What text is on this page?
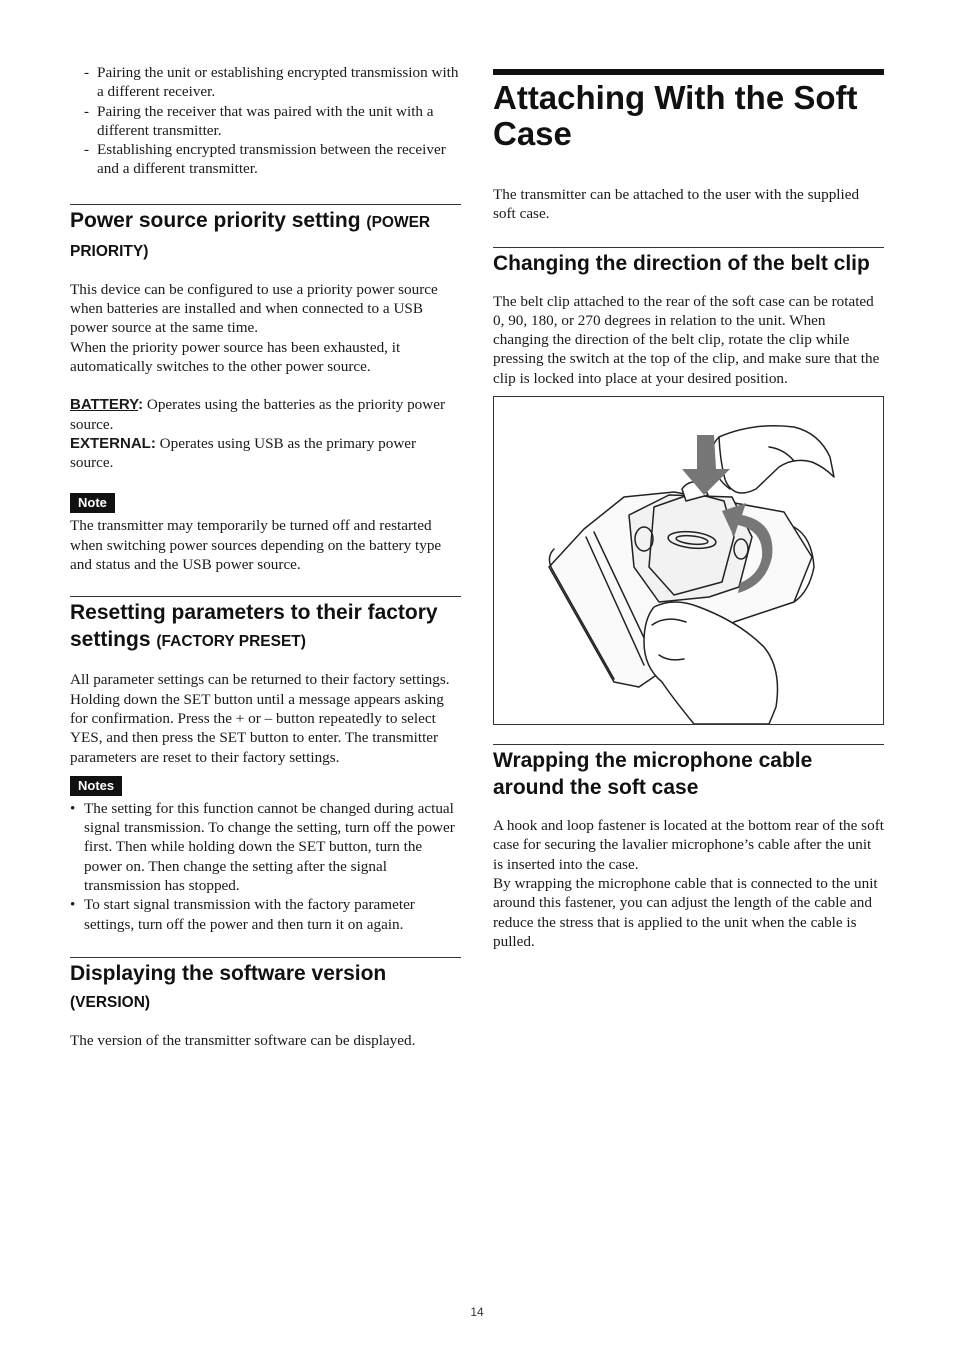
- Pairing the unit or establishing encrypted transmission with a different receiver.
- Pairing the receiver that was paired with the unit with a different transmitter.
- Establishing encrypted transmission between the receiver and a different transmitter.
Power source priority setting (POWER PRIORITY)

This device can be configured to use a priority power source when batteries are installed and when connected to a USB power source at the same time.

When the priority power source has been exhausted, it automatically switches to the other power source.

BATTERY: Operates using the batteries as the priority power source.

EXTERNAL: Operates using USB as the primary power source.

Note

The transmitter may temporarily be turned off and restarted when switching power sources depending on the battery type and status and the USB power source.

Resetting parameters to their factory settings (FACTORY PRESET)

All parameter settings can be returned to their factory settings.

Holding down the SET button until a message appears asking for confirmation. Press the + or – button repeatedly to select YES, and then press the SET button to enter. The transmitter parameters are reset to their factory settings.

Notes
• The setting for this function cannot be changed during actual signal transmission. To change the setting, turn off the power first. Then while holding down the SET button, turn the power on. Then change the setting after the signal transmission has stopped.
• To start signal transmission with the factory parameter settings, turn off the power and then turn it on again.
Displaying the software version
(VERSION)

The version of the transmitter software can be displayed.

Attaching With the Soft Case

The transmitter can be attached to the user with the supplied soft case.

Changing the direction of the belt clip

The belt clip attached to the rear of the soft case can be rotated 0, 90, 180, or 270 degrees in relation to the unit. When changing the direction of the belt clip, rotate the clip while pressing the switch at the top of the clip, and make sure that the clip is locked into place at your desired position.

Wrapping the microphone cable around the soft case

A hook and loop fastener is located at the bottom rear of the soft case for securing the lavalier microphone’s cable after the unit is inserted into the case.

By wrapping the microphone cable that is connected to the unit around this fastener, you can adjust the length of the cable and reduce the stress that is applied to the unit when the cable is pulled.

14
